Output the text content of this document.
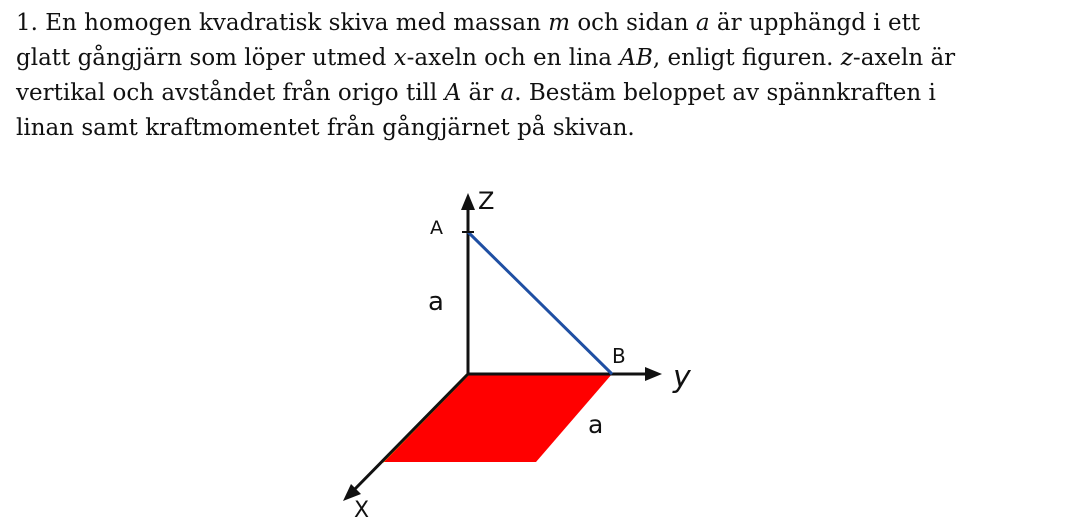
1. En homogen kvadratisk skiva med massan m och sidan a är upphängd i ett
glatt gångjärn som löper utmed x-axeln och en lina AB, enligt figuren. z-axeln är
vertikal och avståndet från origo till A är a. Bestäm beloppet av spännkraften i
linan samt kraftmomentet från gångjärnet på skivan.
Z
A
a
B
y
a
X
